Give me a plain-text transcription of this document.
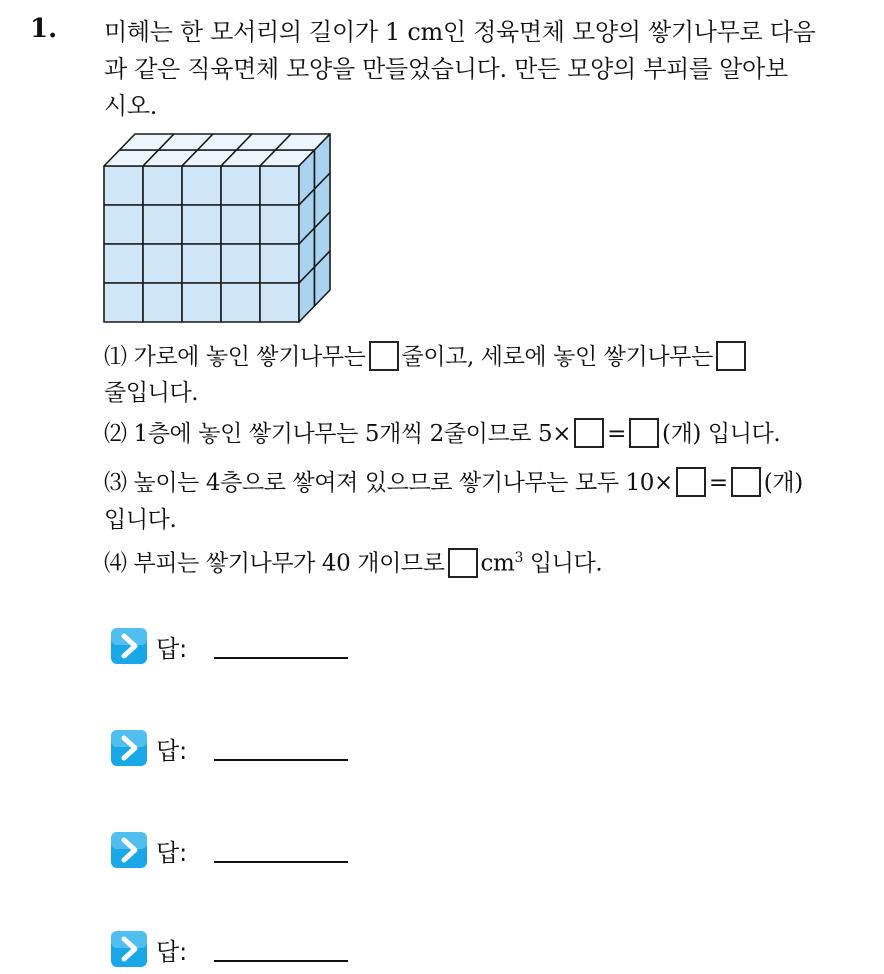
1. 미혜는 한 모서리의 길이가 1 cm인 정육면체 모양의 쌓기나무로 다음
과 같은 직육면체 모양을 만들었습니다. 만든 모양의 부피를 알아보
시오.
⑴ 가로에 놓인 쌓기나무는 줄이고, 세로에 놓인 쌓기나무는
줄입니다.
⑵ 1층에 놓인 쌓기나무는 5개씩 2줄이므로 5× = (개) 입니다.
⑶ 높이는 4층으로 쌓여져 있으므로 쌓기나무는 모두 10× = (개)
입니다.
⑷ 부피는 쌓기나무가 40 개이므로 $cm^3$ 입니다.
답:
답:
답:
답:
